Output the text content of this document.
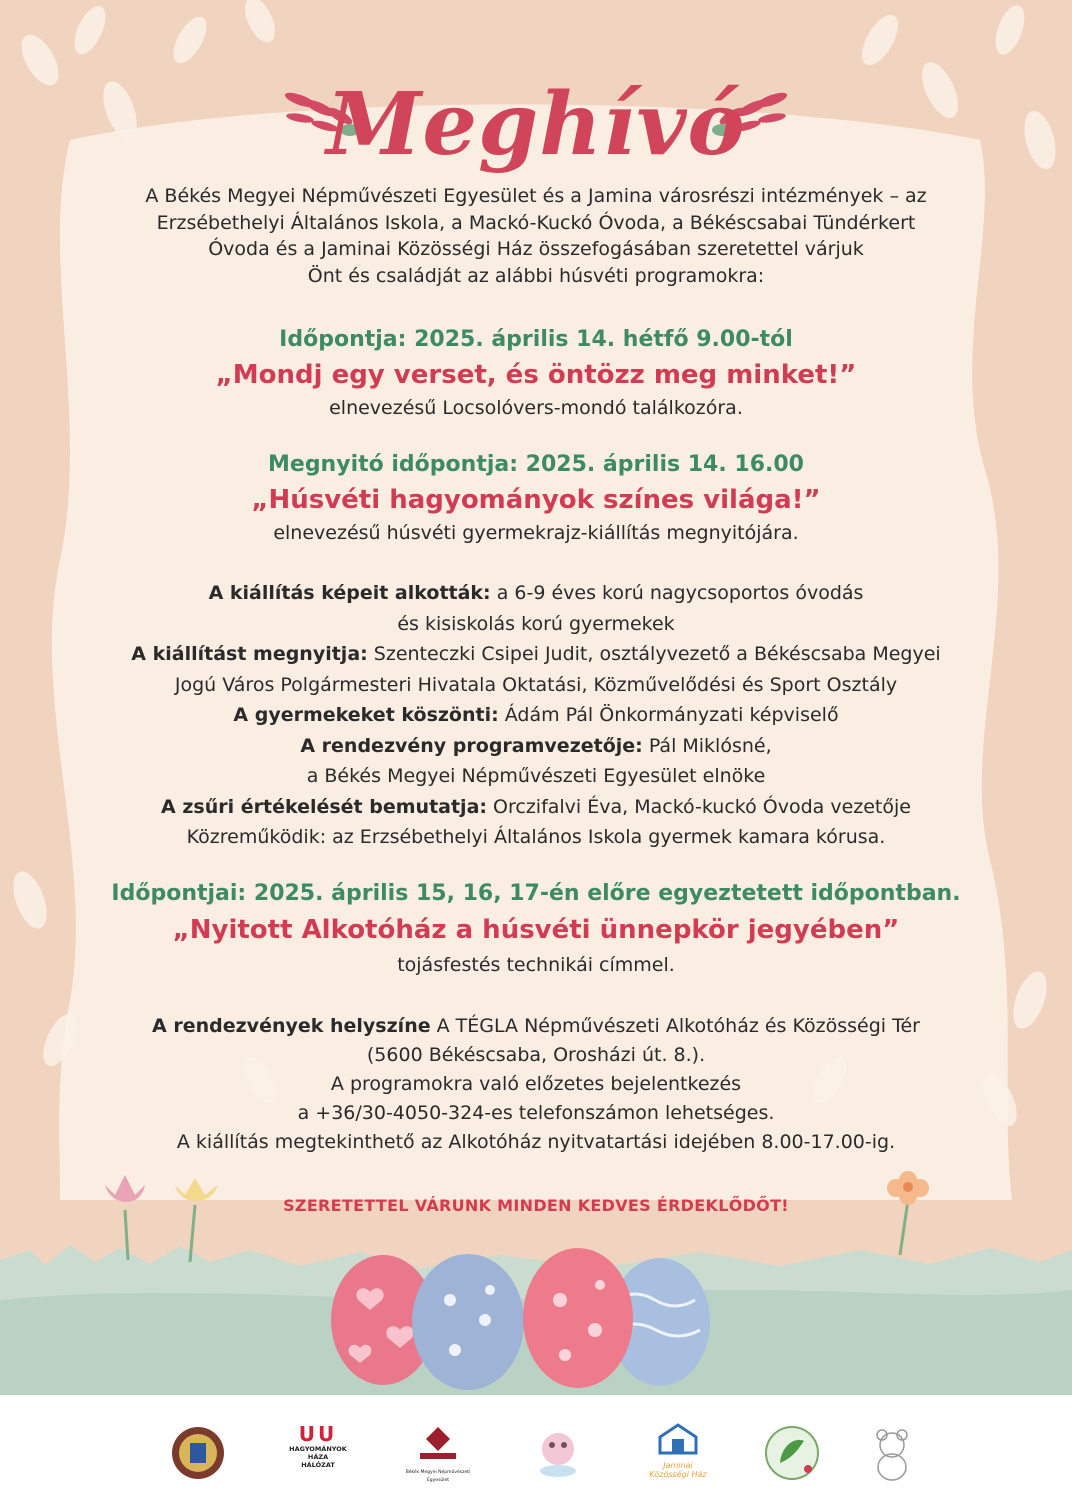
Meghívó

A Békés Megyei Népművészeti Egyesület és a Jamina városrészi intézmények – az

Erzsébethelyi Általános Iskola, a Mackó-Kuckó Óvoda, a Békéscsabai Tündérkert

Óvoda és a Jaminai Közösségi Ház összefogásában szeretettel várjuk

Önt és családját az alábbi húsvéti programokra:

Időpontja: 2025. április 14. hétfő 9.00-tól

„Mondj egy verset, és öntözz meg minket!”

elnevezésű Locsolóvers-mondó találkozóra.

Megnyitó időpontja: 2025. április 14. 16.00

„Húsvéti hagyományok színes világa!”

elnevezésű húsvéti gyermekrajz-kiállítás megnyitójára.

A kiállítás képeit alkották: a 6-9 éves korú nagycsoportos óvodás

és kisiskolás korú gyermekek

A kiállítást megnyitja: Szenteczki Csipei Judit, osztályvezető a Békéscsaba Megyei

Jogú Város Polgármesteri Hivatala Oktatási, Közművelődési és Sport Osztály

A gyermekeket köszönti: Ádám Pál Önkormányzati képviselő

A rendezvény programvezetője: Pál Miklósné,

a Békés Megyei Népművészeti Egyesület elnöke

A zsűri értékelését bemutatja: Orczifalvi Éva, Mackó-kuckó Óvoda vezetője

Közreműködik: az Erzsébethelyi Általános Iskola gyermek kamara kórusa.

Időpontjai: 2025. április 15, 16, 17-én előre egyeztetett időpontban.

„Nyitott Alkotóház a húsvéti ünnepkör jegyében”

tojásfestés technikái címmel.

A rendezvények helyszíne A TÉGLA Népművészeti Alkotóház és Közösségi Tér

(5600 Békéscsaba, Orosházi út. 8.).

A programokra való előzetes bejelentkezés

a +36/30-4050-324-es telefonszámon lehetséges.

A kiállítás megtekinthető az Alkotóház nyitvatartási idejében 8.00-17.00-ig.

SZERETETTEL VÁRUNK MINDEN KEDVES ÉRDEKLŐDŐT!
UU
HAGYOMÁNYOK
HÁZA
HÁLÓZAT
Békés Megyei Népművészeti Egyesület
Jaminai
Közösségi Ház
